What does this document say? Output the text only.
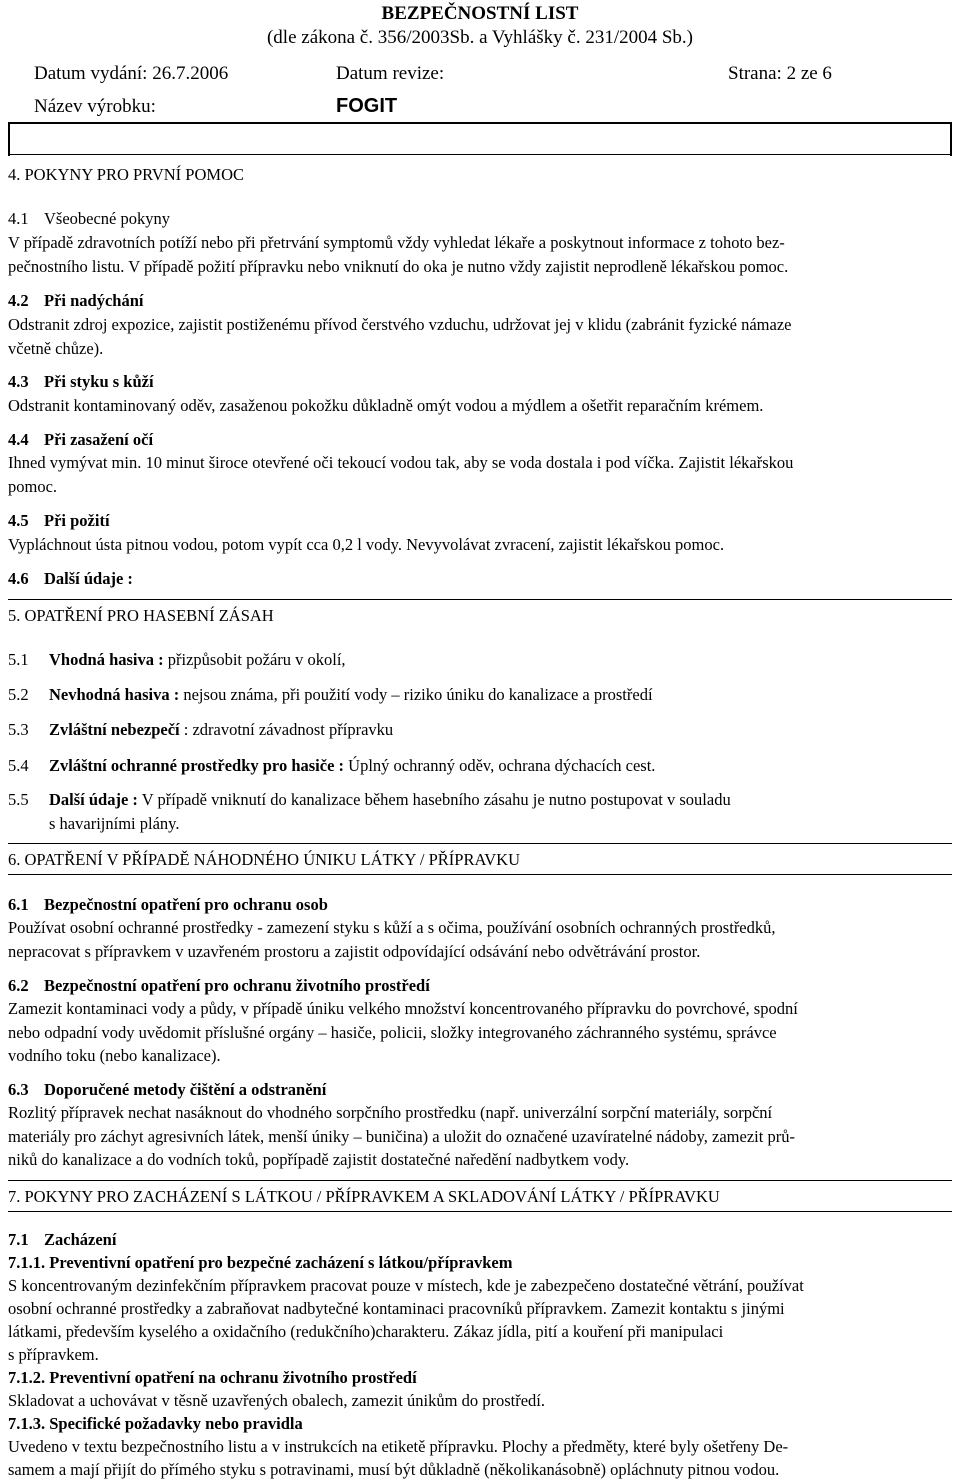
BEZPEČNOSTNÍ LIST
(dle zákona č. 356/2003Sb. a Vyhlášky č. 231/2004 Sb.)
Datum vydání: 26.7.2006	Datum revize:	Strana: 2 ze 6
Název výrobku:	FOGIT
4. POKYNY PRO PRVNÍ POMOC
4.1 Všeobecné pokyny
V případě zdravotních potíží nebo při přetrvání symptomů vždy vyhledat lékaře a poskytnout informace z tohoto bez-
pečnostního listu. V případě požití přípravku nebo vniknutí do oka je nutno vždy zajistit neprodleně lékařskou pomoc.
4.2 Při nadýchání
Odstranit zdroj expozice, zajistit postiženému přívod čerstvého vzduchu, udržovat jej v klidu (zabránit fyzické námaze
včetně chůze).
4.3 Při styku s kůží
Odstranit kontaminovaný oděv, zasaženou pokožku důkladně omýt vodou a mýdlem a ošetřit reparačním krémem.
4.4 Při zasažení očí
Ihned vymývat min. 10 minut široce otevřené oči tekoucí vodou tak, aby se voda dostala i pod víčka. Zajistit lékařskou
pomoc.
4.5 Při požití
Vypláchnout ústa pitnou vodou, potom vypít cca 0,2 l vody. Nevyvolávat zvracení, zajistit lékařskou pomoc.
4.6 Další údaje :
5. OPATŘENÍ PRO HASEBNÍ ZÁSAH
5.1 Vhodná hasiva : přizpůsobit požáru v okolí,
5.2 Nevhodná hasiva : nejsou známa, při použití vody – riziko úniku do kanalizace a prostředí
5.3 Zvláštní nebezpečí : zdravotní závadnost přípravku
5.4 Zvláštní ochranné prostředky pro hasiče : Úplný ochranný oděv, ochrana dýchacích cest.
5.5 Další údaje : V případě vniknutí do kanalizace během hasebního zásahu je nutno postupovat v souladu
s havarijními plány.
6. OPATŘENÍ V PŘÍPADĚ NÁHODNÉHO ÚNIKU LÁTKY / PŘÍPRAVKU
6.1 Bezpečnostní opatření pro ochranu osob
Používat osobní ochranné prostředky - zamezení styku s kůží a s očima, používání osobních ochranných prostředků,
nepracovat s přípravkem v uzavřeném prostoru a zajistit odpovídající odsávání nebo odvětrávání prostor.
6.2 Bezpečnostní opatření pro ochranu životního prostředí
Zamezit kontaminaci vody a půdy, v případě úniku velkého množství koncentrovaného přípravku do povrchové, spodní
nebo odpadní vody uvědomit příslušné orgány – hasiče, policii, složky integrovaného záchranného systému, správce
vodního toku (nebo kanalizace).
6.3 Doporučené metody čištění a odstranění
Rozlitý přípravek nechat nasáknout do vhodného sorpčního prostředku (např. univerzální sorpční materiály, sorpční
materiály pro záchyt agresivních látek, menší úniky – buničina) a uložit do označené uzavíratelné nádoby, zamezit prů-
niků do kanalizace a do vodních toků, popřípadě zajistit dostatečné naředění nadbytkem vody.
7. POKYNY PRO ZACHÁZENÍ S LÁTKOU / PŘÍPRAVKEM A SKLADOVÁNÍ LÁTKY / PŘÍPRAVKU
7.1 Zacházení
7.1.1. Preventivní opatření pro bezpečné zacházení s látkou/přípravkem
S koncentrovaným dezinfekčním přípravkem pracovat pouze v místech, kde je zabezpečeno dostatečné větrání, používat
osobní ochranné prostředky a zabraňovat nadbytečné kontaminaci pracovníků přípravkem. Zamezit kontaktu s jinými
látkami, především kyselého a oxidačního (redukčního)charakteru. Zákaz jídla, pití a kouření při manipulaci
s přípravkem.
7.1.2. Preventivní opatření na ochranu životního prostředí
Skladovat a uchovávat v těsně uzavřených obalech, zamezit únikům do prostředí.
7.1.3. Specifické požadavky nebo pravidla
Uvedeno v textu bezpečnostního listu a v instrukcích na etiketě přípravku. Plochy a předměty, které byly ošetřeny De-
samem a mají přijít do přímého styku s potravinami, musí být důkladně (několikanásobně) opláchnuty pitnou vodou.
